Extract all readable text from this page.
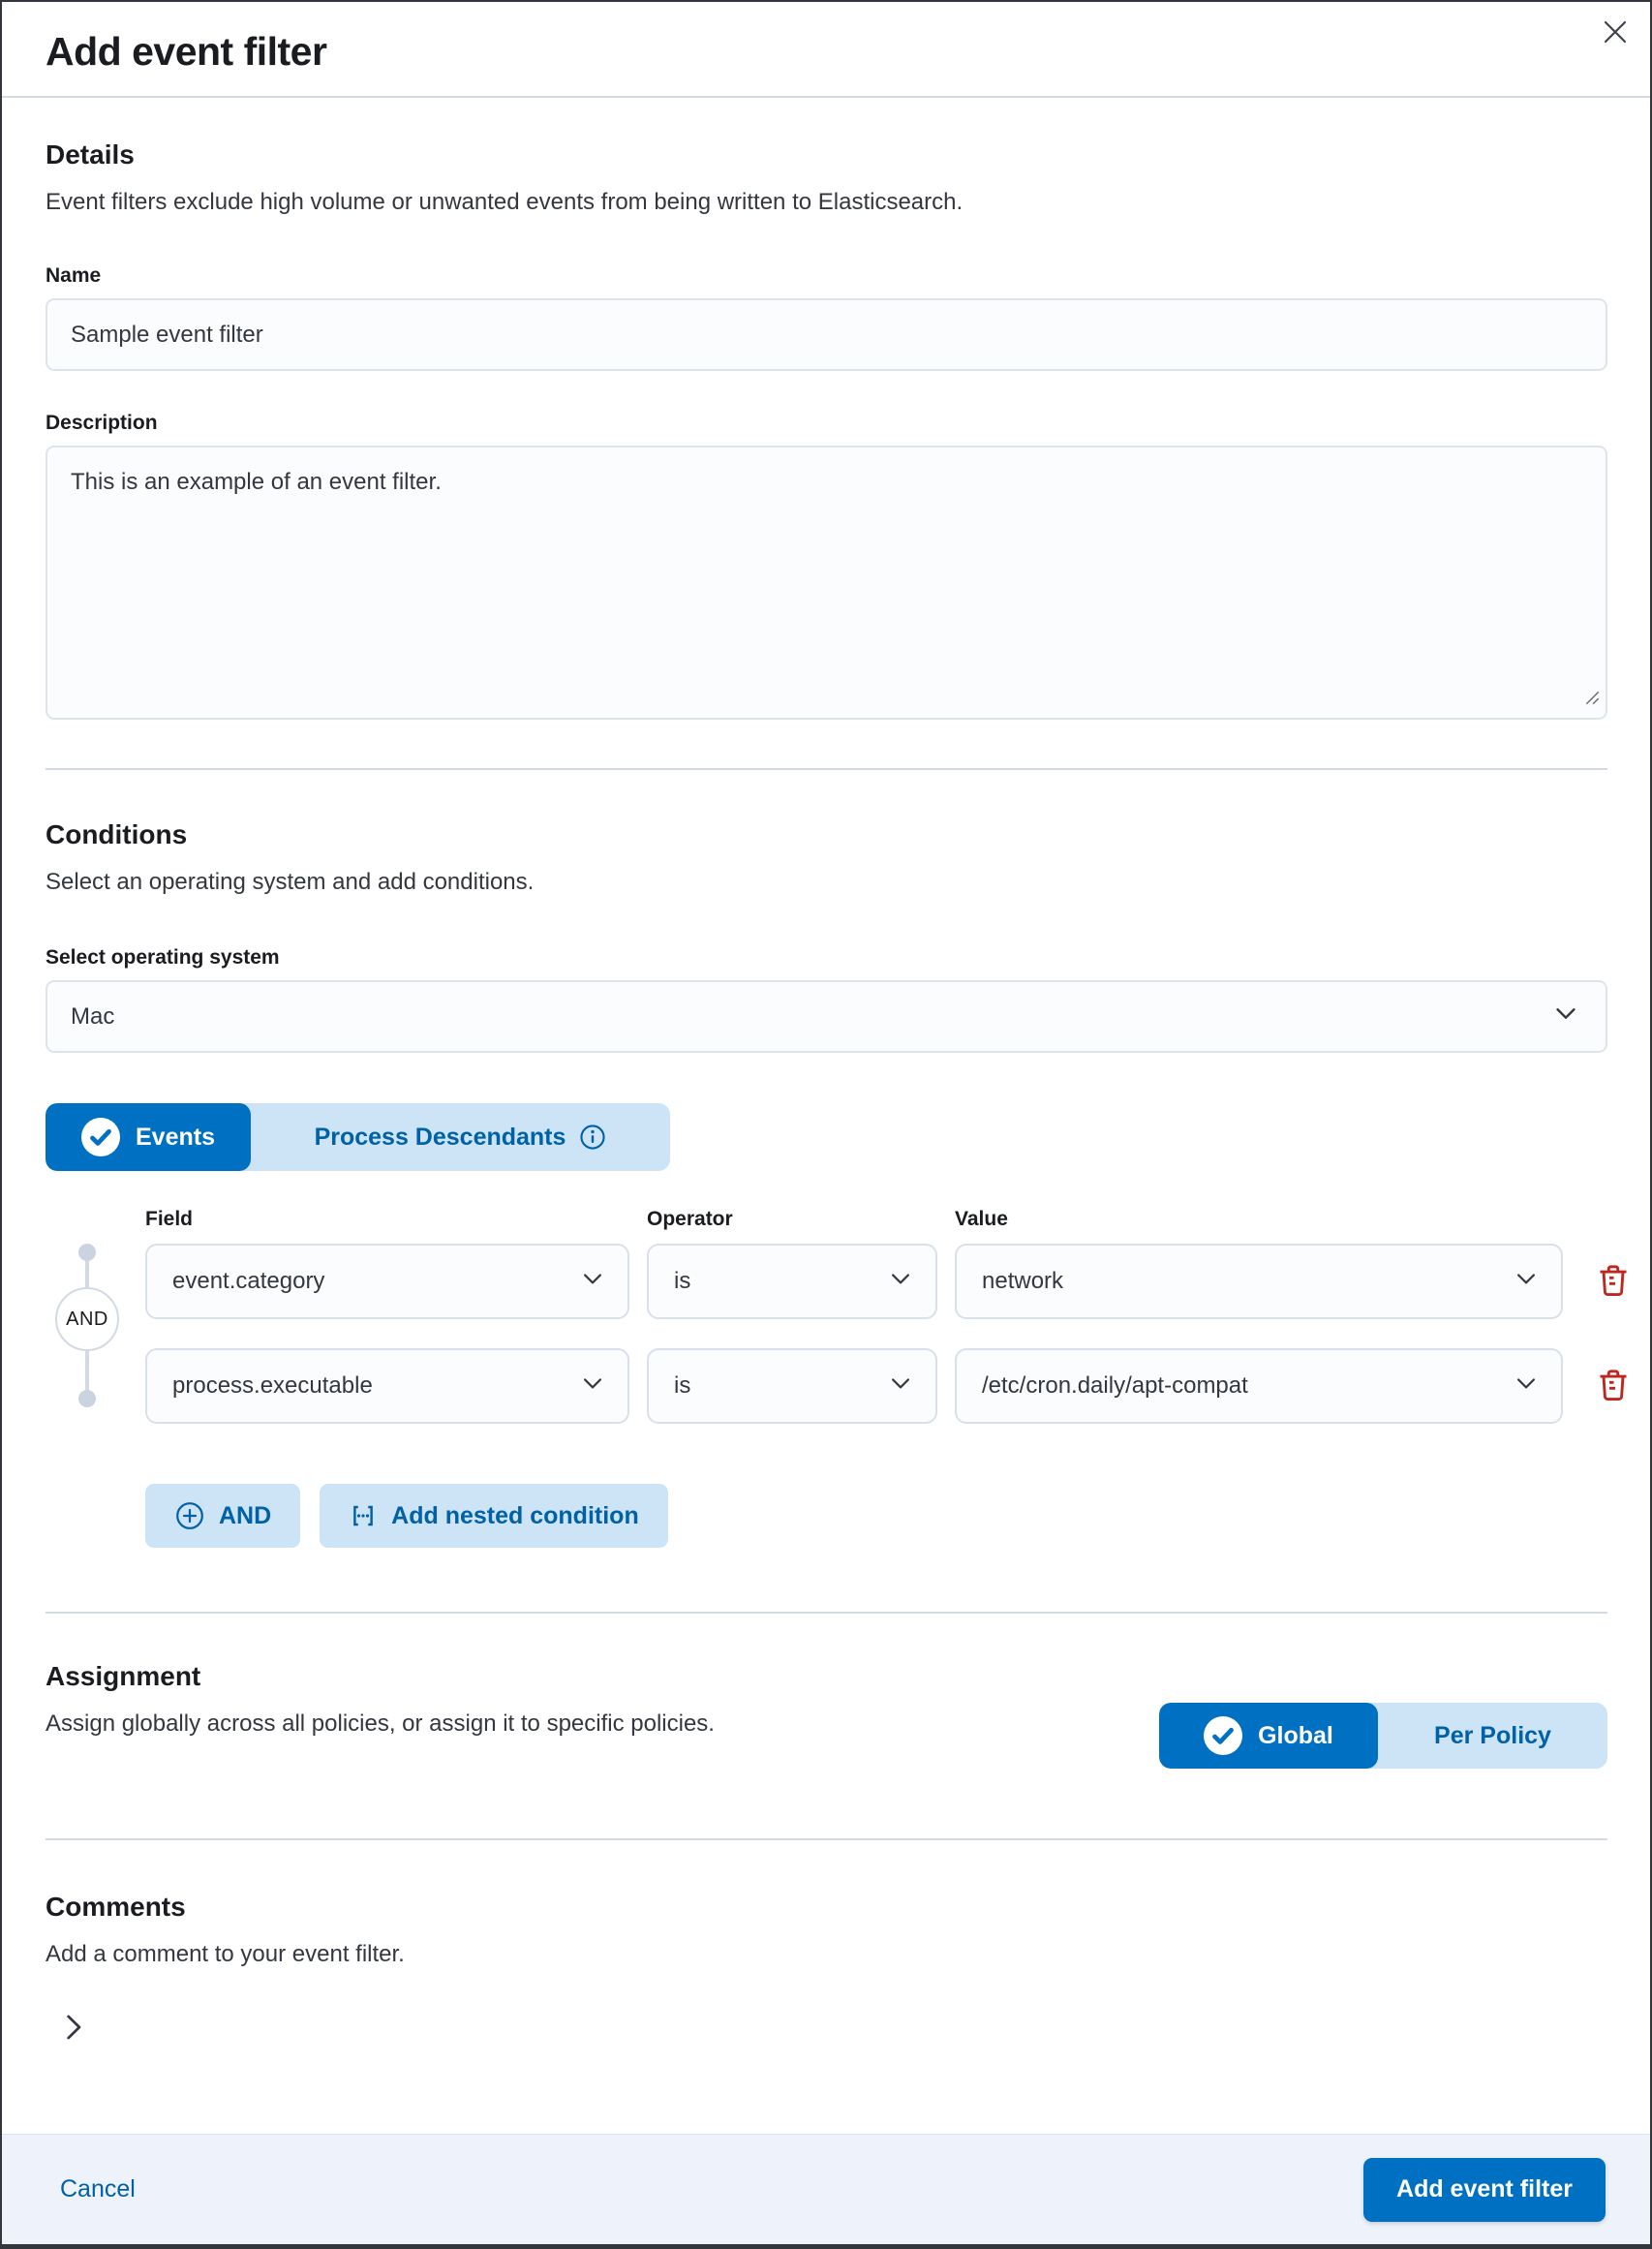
Add event filter
Details

Event filters exclude high volume or unwanted events from being written to Elasticsearch.

Name
Sample event filter
Description
This is an example of an event filter.
Conditions

Select an operating system and add conditions.

Select operating system
Mac
Events	Process Descendants
Field	Operator	Value
AND
event.category	is	network
process.executable	is	/etc/cron.daily/apt-compat
AND	Add nested condition
Assignment

Assign globally across all policies, or assign it to specific policies.	Global	Per Policy
Comments

Add a comment to your event filter.

Cancel	Add event filter
